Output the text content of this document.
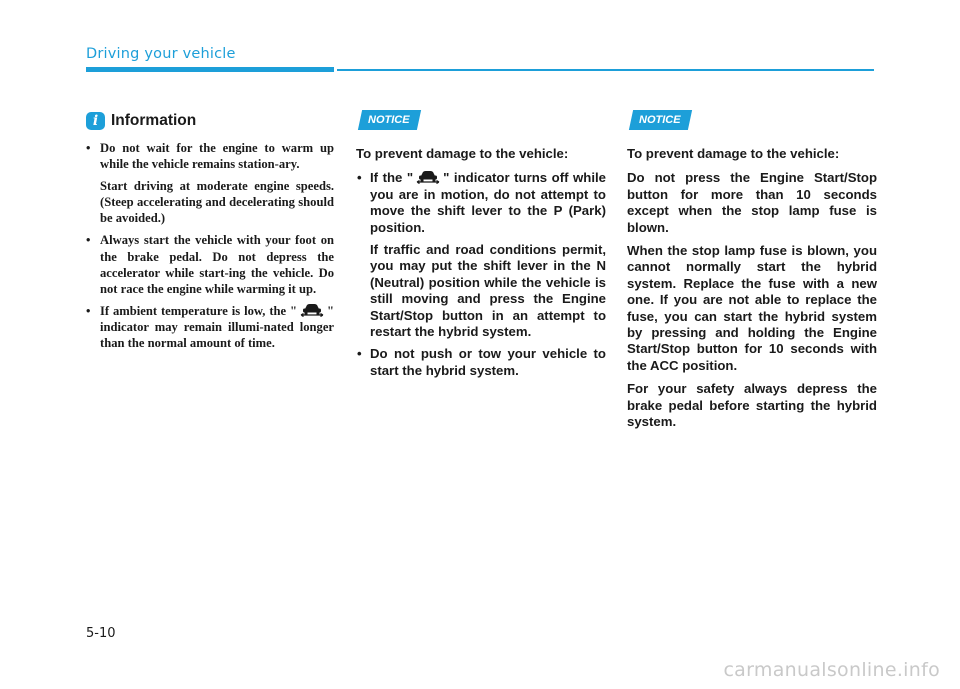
Driving your vehicle
i Information
• Do not wait for the engine to warm up while the vehicle remains station-ary.

Start driving at moderate engine speeds. (Steep accelerating and decelerating should be avoided.)

• Always start the vehicle with your foot on the brake pedal. Do not depress the accelerator while start-ing the vehicle. Do not race the engine while warming it up.
• If ambient temperature is low, the " " indicator may remain illumi-nated longer than the normal amount of time.
NOTICE

To prevent damage to the vehicle:

• If the " " indicator turns off while you are in motion, do not attempt to move the shift lever to the P (Park) position.

If traffic and road conditions permit, you may put the shift lever in the N (Neutral) position while the vehicle is still moving and press the Engine Start/Stop button in an attempt to restart the hybrid system.

• Do not push or tow your vehicle to start the hybrid system.
NOTICE

To prevent damage to the vehicle:

Do not press the Engine Start/Stop button for more than 10 seconds except when the stop lamp fuse is blown.

When the stop lamp fuse is blown, you cannot normally start the hybrid system. Replace the fuse with a new one. If you are not able to replace the fuse, you can start the hybrid system by pressing and holding the Engine Start/Stop button for 10 seconds with the ACC position.

For your safety always depress the brake pedal before starting the hybrid system.

5-10
carmanualsonline.info
